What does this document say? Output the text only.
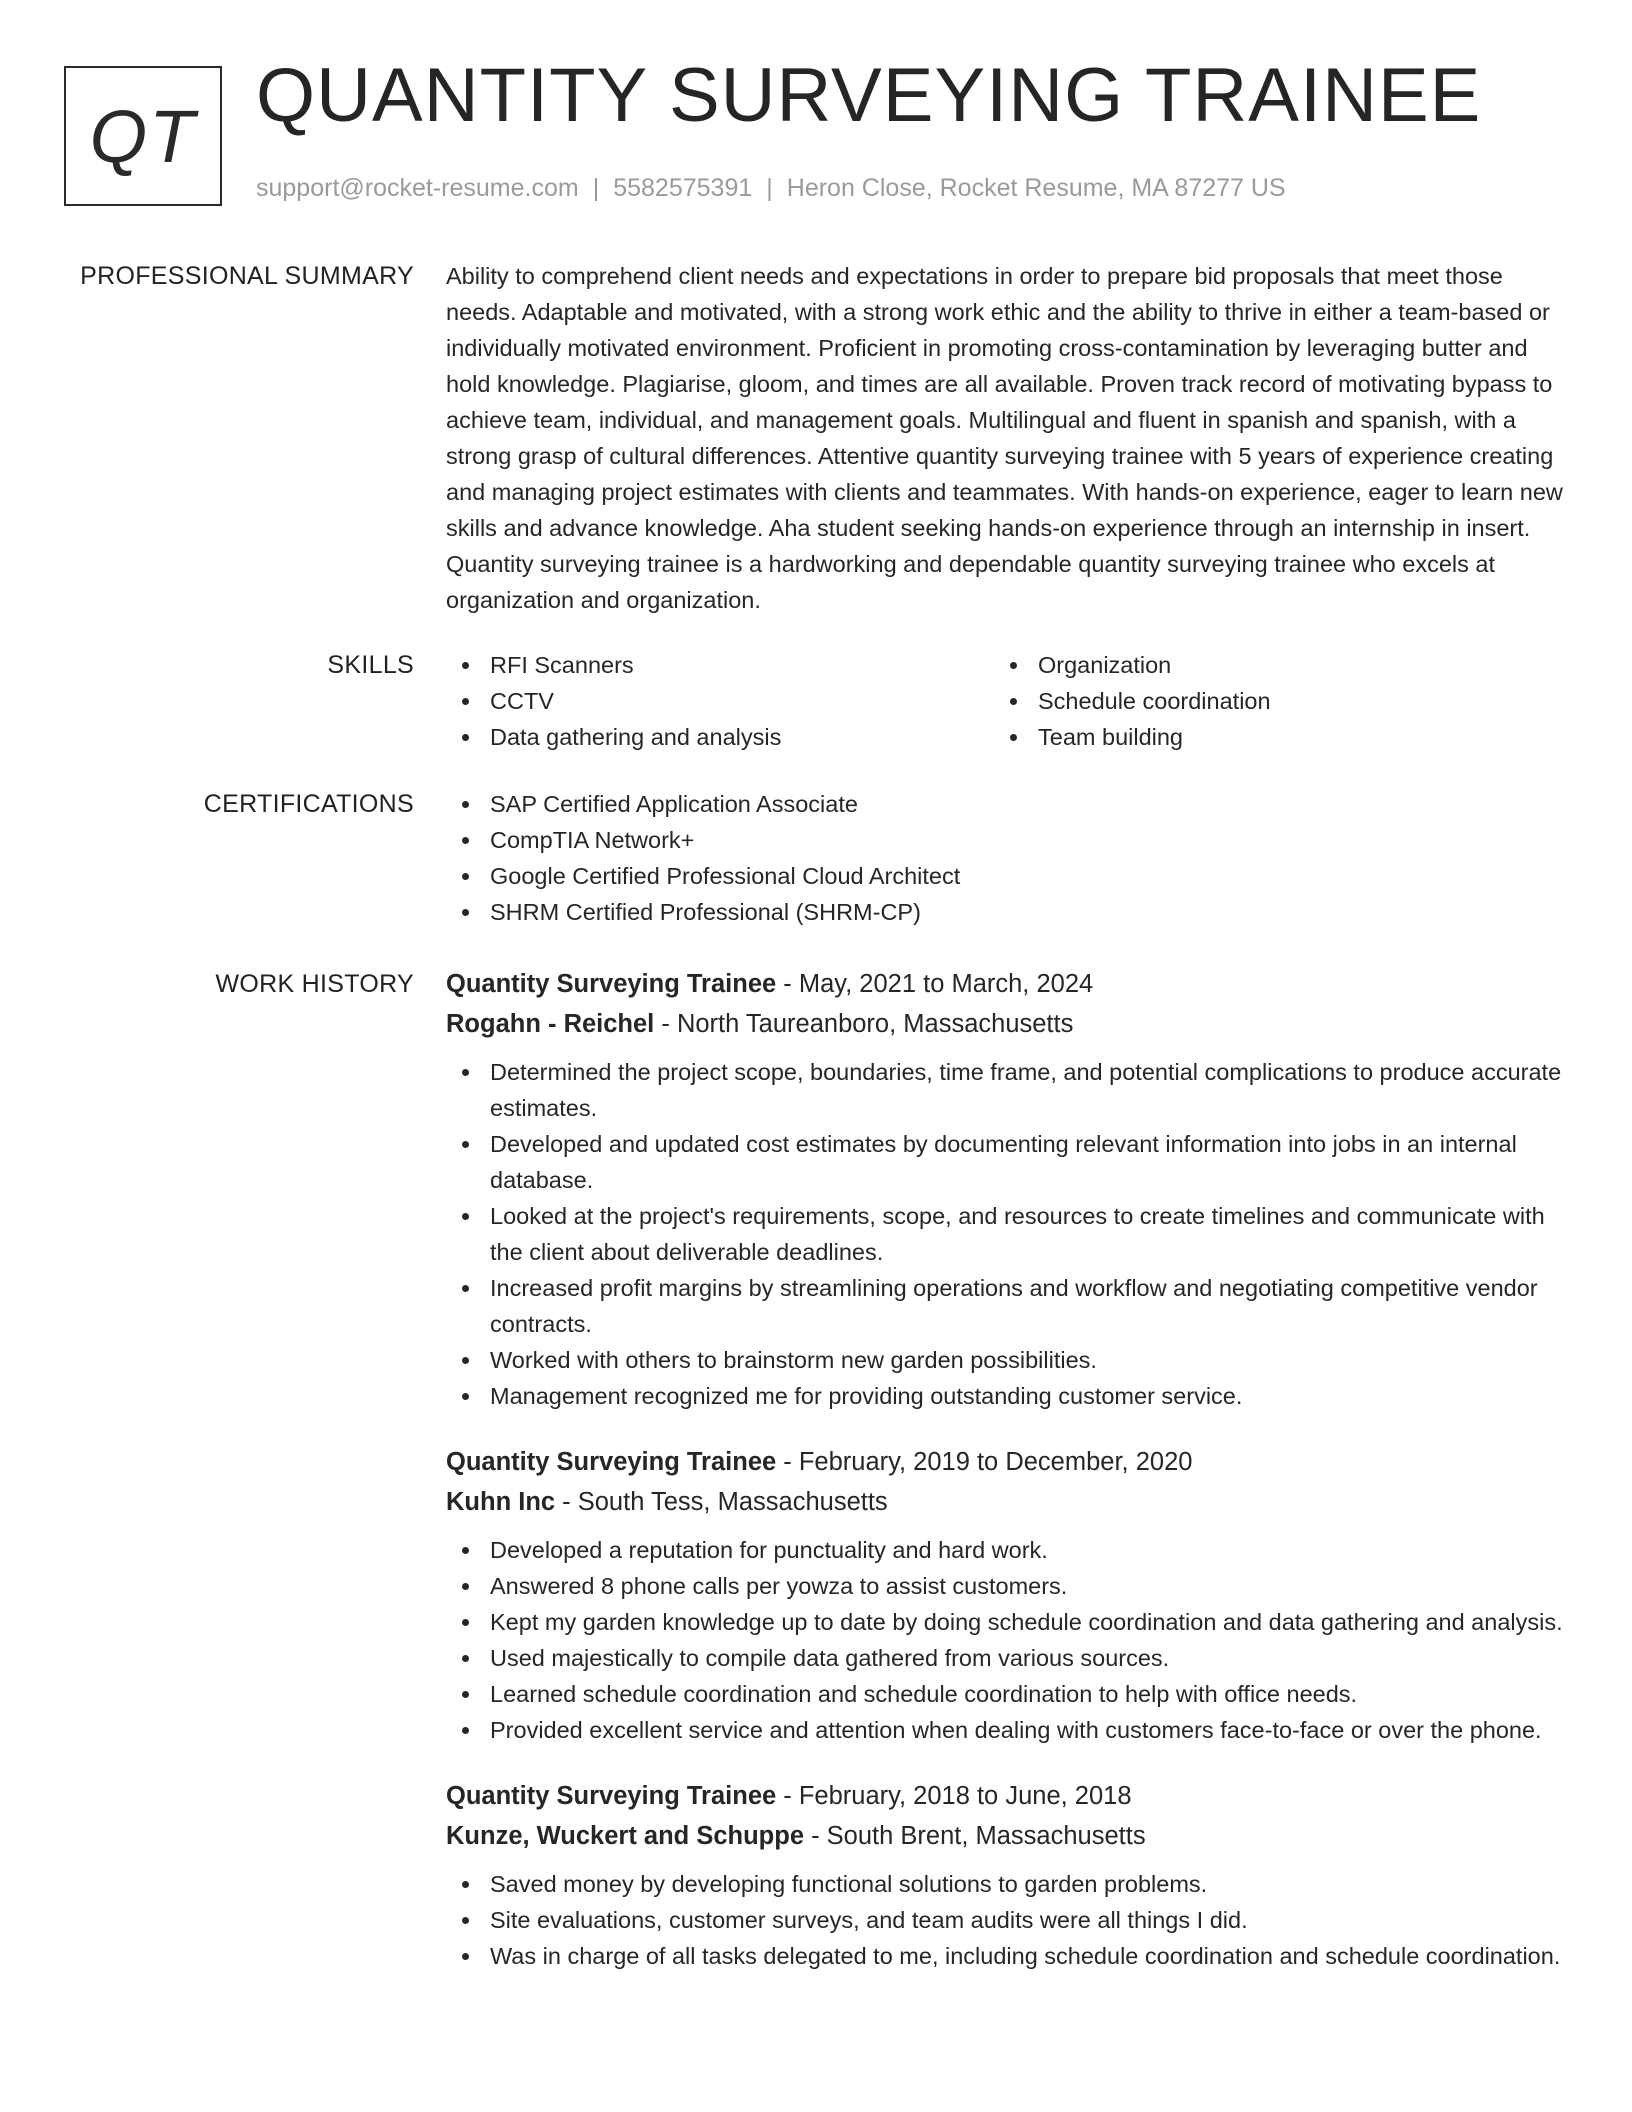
QT QUANTITY SURVEYING TRAINEE
support@rocket-resume.com | 5582575391 | Heron Close, Rocket Resume, MA 87277 US
PROFESSIONAL SUMMARY Ability to comprehend client needs and expectations in order to prepare bid proposals that meet those needs. Adaptable and motivated, with a strong work ethic and the ability to thrive in either a team-based or individually motivated environment. Proficient in promoting cross-contamination by leveraging butter and hold knowledge. Plagiarise, gloom, and times are all available. Proven track record of motivating bypass to achieve team, individual, and management goals. Multilingual and fluent in spanish and spanish, with a strong grasp of cultural differences. Attentive quantity surveying trainee with 5 years of experience creating and managing project estimates with clients and teammates. With hands-on experience, eager to learn new skills and advance knowledge. Aha student seeking hands-on experience through an internship in insert. Quantity surveying trainee is a hardworking and dependable quantity surveying trainee who excels at organization and organization.

SKILLS	RFI Scanners
CCTV
Data gathering and analysis
Organization
Schedule coordination
Team building
CERTIFICATIONS	SAP Certified Application Associate
CompTIA Network+
Google Certified Professional Cloud Architect
SHRM Certified Professional (SHRM-CP)
WORK HISTORY Quantity Surveying Trainee - May, 2021 to March, 2024
Rogahn - Reichel - North Taureanboro, Massachusetts
Determined the project scope, boundaries, time frame, and potential complications to produce accurate estimates.
Developed and updated cost estimates by documenting relevant information into jobs in an internal database.
Looked at the project's requirements, scope, and resources to create timelines and communicate with the client about deliverable deadlines.
Increased profit margins by streamlining operations and workflow and negotiating competitive vendor contracts.
Worked with others to brainstorm new garden possibilities.
Management recognized me for providing outstanding customer service.
Quantity Surveying Trainee - February, 2019 to December, 2020
Kuhn Inc - South Tess, Massachusetts
Developed a reputation for punctuality and hard work.
Answered 8 phone calls per yowza to assist customers.
Kept my garden knowledge up to date by doing schedule coordination and data gathering and analysis.
Used majestically to compile data gathered from various sources.
Learned schedule coordination and schedule coordination to help with office needs.
Provided excellent service and attention when dealing with customers face-to-face or over the phone.
Quantity Surveying Trainee - February, 2018 to June, 2018
Kunze, Wuckert and Schuppe - South Brent, Massachusetts
Saved money by developing functional solutions to garden problems.
Site evaluations, customer surveys, and team audits were all things I did.
Was in charge of all tasks delegated to me, including schedule coordination and schedule coordination.
